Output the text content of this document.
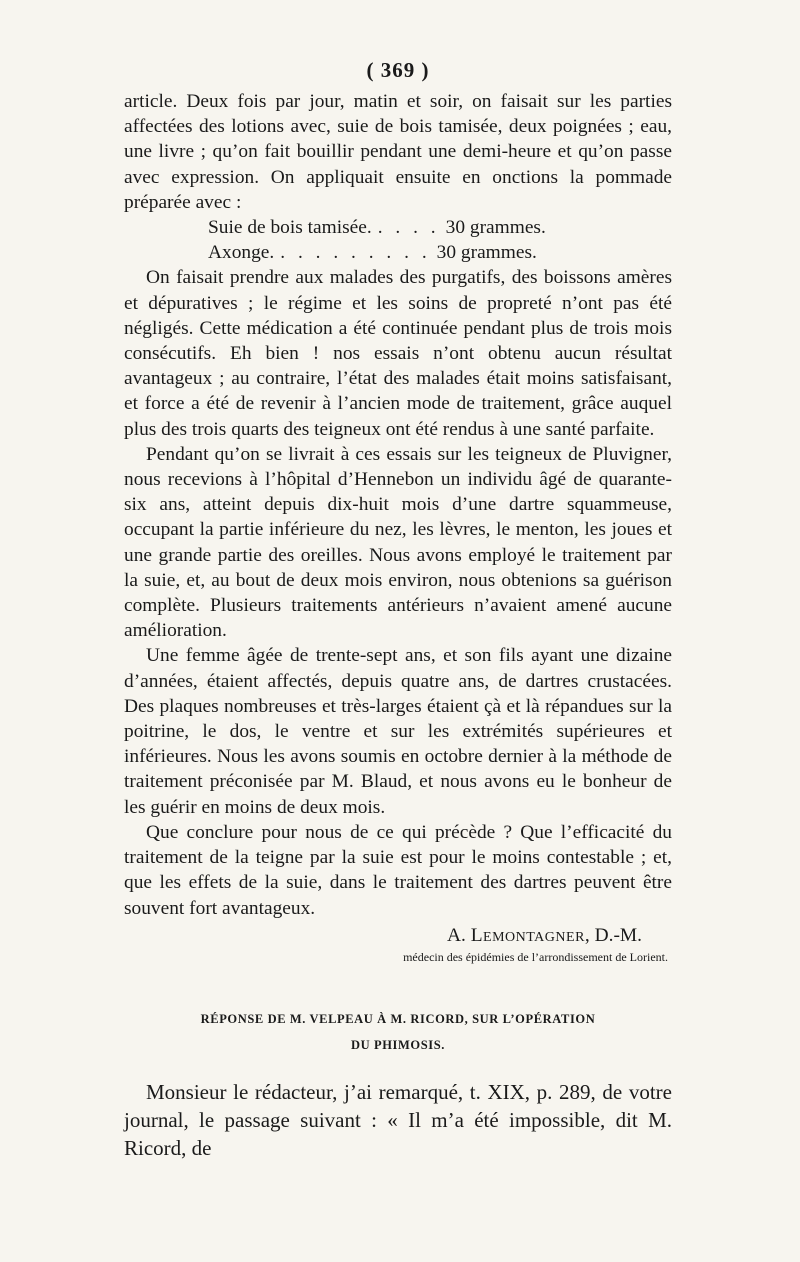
( 369 )

article. Deux fois par jour, matin et soir, on faisait sur les parties affectées des lotions avec, suie de bois tamisée, deux poignées ; eau, une livre ; qu’on fait bouillir pendant une demi-heure et qu’on passe avec expression. On appliquait ensuite en onctions la pommade préparée avec :

Suie de bois tamisée. . . . . 30 grammes.
Axonge. . . . . . . . . . 30 grammes.

On faisait prendre aux malades des purgatifs, des boissons amères et dépuratives ; le régime et les soins de propreté n’ont pas été négligés. Cette médication a été continuée pendant plus de trois mois consécutifs. Eh bien ! nos essais n’ont obtenu aucun résultat avantageux ; au contraire, l’état des malades était moins satisfaisant, et force a été de revenir à l’ancien mode de traitement, grâce auquel plus des trois quarts des teigneux ont été rendus à une santé parfaite.

Pendant qu’on se livrait à ces essais sur les teigneux de Pluvigner, nous recevions à l’hôpital d’Hennebon un individu âgé de quarante-six ans, atteint depuis dix-huit mois d’une dartre squammeuse, occupant la partie inférieure du nez, les lèvres, le menton, les joues et une grande partie des oreilles. Nous avons employé le traitement par la suie, et, au bout de deux mois environ, nous obtenions sa guérison complète. Plusieurs traitements antérieurs n’avaient amené aucune amélioration.

Une femme âgée de trente-sept ans, et son fils ayant une dizaine d’années, étaient affectés, depuis quatre ans, de dartres crustacées. Des plaques nombreuses et très-larges étaient çà et là répandues sur la poitrine, le dos, le ventre et sur les extrémités supérieures et inférieures. Nous les avons soumis en octobre dernier à la méthode de traitement préconisée par M. Blaud, et nous avons eu le bonheur de les guérir en moins de deux mois.

Que conclure pour nous de ce qui précède ? Que l’efficacité du traitement de la teigne par la suie est pour le moins contestable ; et, que les effets de la suie, dans le traitement des dartres peuvent être souvent fort avantageux.

A. Lemontagner, D.-M.
médecin des épidémies de l’arrondissement de Lorient.
RÉPONSE DE M. VELPEAU À M. RICORD, SUR L’OPÉRATION
DU PHIMOSIS.

Monsieur le rédacteur, j’ai remarqué, t. XIX, p. 289, de votre journal, le passage suivant : « Il m’a été impossible, dit M. Ricord, de
